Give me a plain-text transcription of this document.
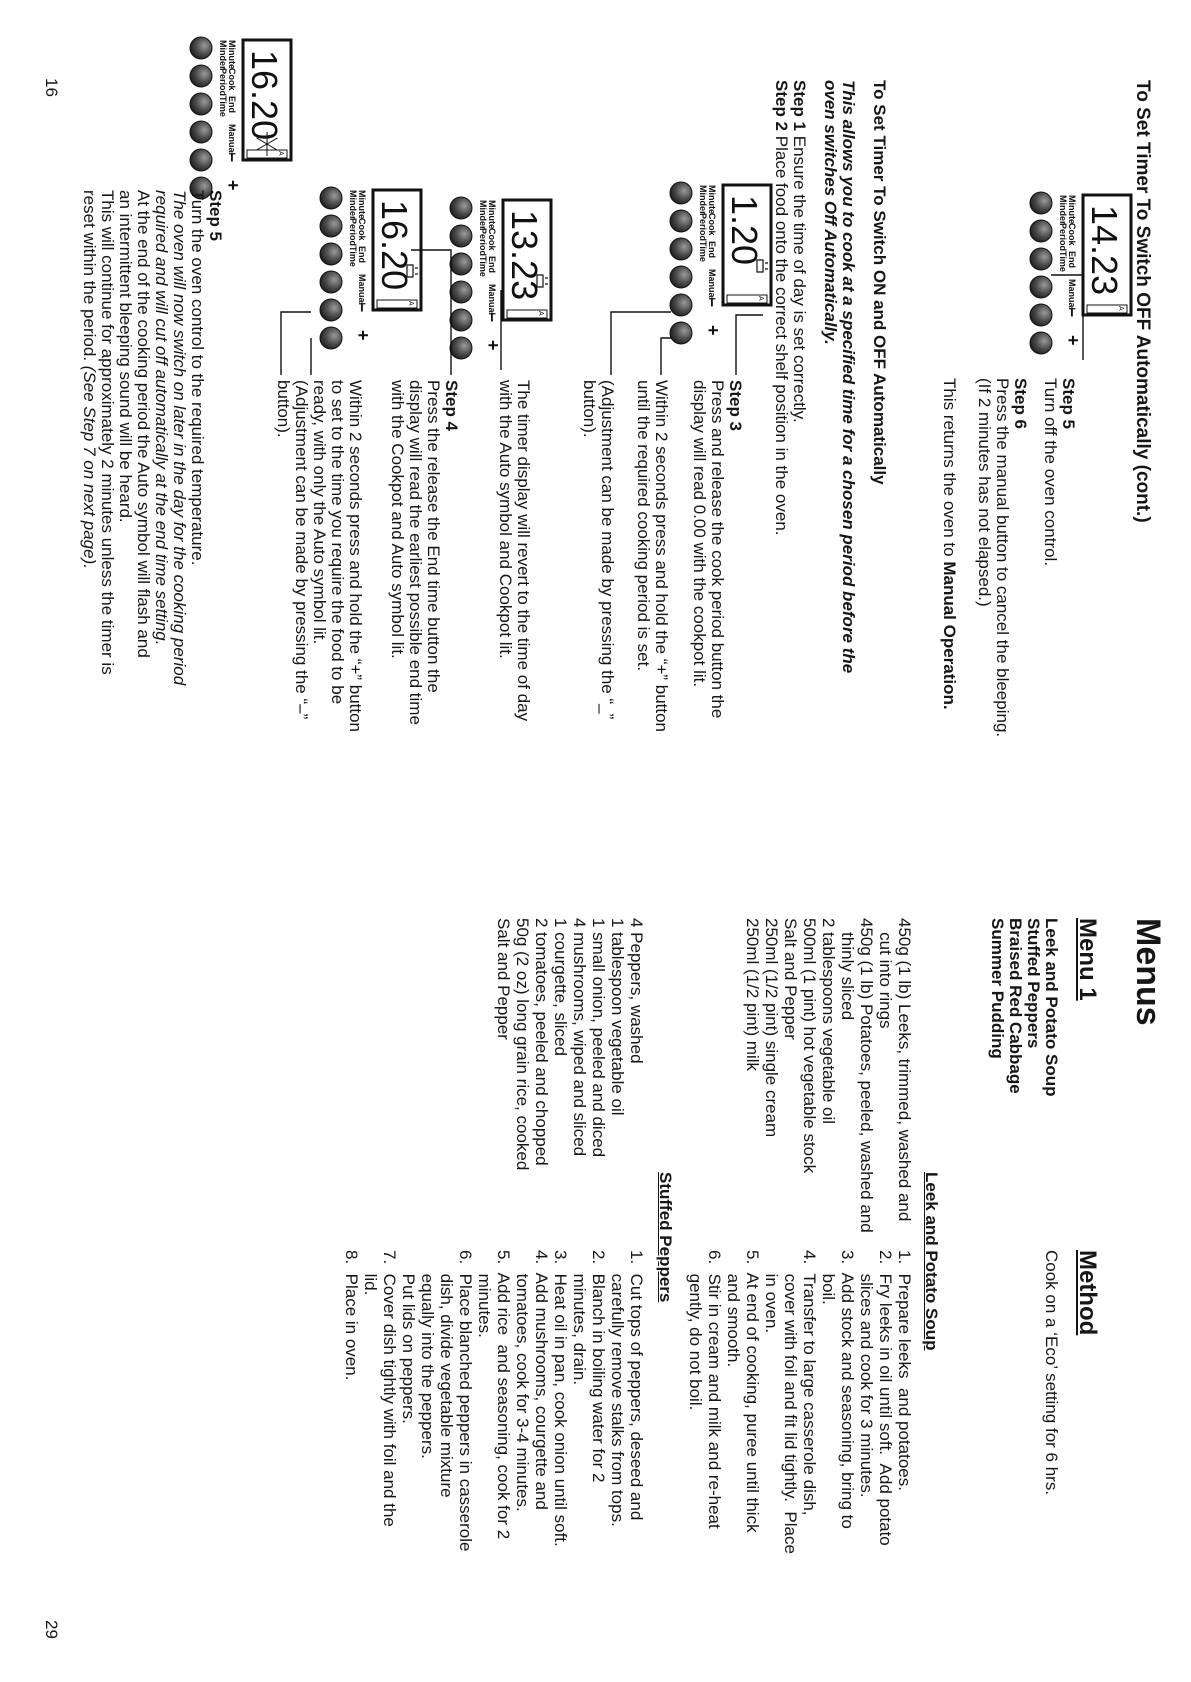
To Set Timer To Switch OFF Automatically (cont.)
14.23
A
Minute
Minder
Cook
Period
End
Time
Manual
–
+
1.20
A
Minute
Minder
Cook
Period
End
Time
Manual
–
+
13.23
A
Minute
Minder
Cook
Period
End
Time
Manual
–
+
16.20
A
Minute
Minder
Cook
Period
End
Time
Manual
–
+
16.20
A
Minute
Minder
Cook
Period
End
Time
Manual
–
+
Step 5
Turn off the oven control.
Step 6
Press the manual button to cancel the bleeping.
(If 2 minutes has not elapsed.)
This returns the oven to Manual Operation.
To Set Timer To Switch ON and OFF Automatically
This allows you to cook at a specified time for a chosen period before the
oven switches Off Automatically.
Step 1 Ensure the time of day is set correctly.
Step 2 Place food onto the correct shelf position in the oven.
Step 3
Press and release the cook period button the
display will read 0.00 with the cookpot lit.
Within 2 seconds press and hold the “+” button
until the required cooking period is set.
(Adjustment can be made by pressing the “_”
button).
The timer display will revert to the time of day
with the Auto symbol and Cookpot lit.
Step 4
Press the release the End time button the
display will read the earliest possible end time
with the Cookpot and Auto symbol lit.
Within 2 seconds press and hold the “+” button
to set to the time you require the food to be
ready, with only the Auto symbol lit.
(Adjustment can be made by pressing the “–”
button).
Step 5
Turn the oven control to the required temperature.
The oven will now switch on later in the day for the cooking period
required and will cut off automatically at the end time setting.
At the end of the cooking period the Auto symbol will flash and
an intermittent bleeping sound will be heard.
This will continue for approximately 2 minutes unless the timer is
reset within the period. (See Step 7 on next page).
16
Menus
Menu 1
Method
Leek and Potato Soup
Stuffed Peppers
Braised Red Cabbage
Summer Pudding
Cook on a ‘Eco’ setting for 6 hrs.
Leek and Potato Soup
450g (1 lb) Leeks, trimmed, washed and
cut into rings
450g (1 lb) Potatoes, peeled, washed and
thinly sliced
2 tablespoons vegetable oil
500ml (1 pint) hot vegetable stock
Salt and Pepper
250ml (1/2 pint) single cream
250ml (1/2 pint) milk
1.  Prepare leeks  and potatoes.
2.  Fry leeks in oil until soft.  Add potato
slices and cook for 3 minutes.
3.  Add stock and seasoning, bring to
boil.
4.  Transfer to large casserole dish,
cover with foil and fit lid tightly.  Place
in oven.
5.  At end of cooking, puree until thick
and smooth.
6.  Stir in cream and milk and re-heat
gently, do not boil.
Stuffed Peppers
4 Peppers, washed
1 tablespoon vegetable oil
1 small onion, peeled and diced
4 mushrooms, wiped and sliced
1 courgette, sliced
2 tomatoes, peeled and chopped
50g (2 oz) long grain rice, cooked
Salt and Pepper
1.  Cut tops of peppers, deseed and
carefully remove stalks from tops.
2.  Blanch in boiling water for 2
minutes, drain.
3.  Heat oil in pan, cook onion until soft.
4.  Add mushrooms, courgette and
tomatoes, cook for 3-4 minutes.
5.  Add rice  and seasoning, cook for 2
minutes.
6.  Place blanched peppers in casserole
dish, divide vegetable mixture
equally into the peppers.
Put lids on peppers.
7.  Cover dish tightly with foil and the
lid.
8.  Place in oven.
29
